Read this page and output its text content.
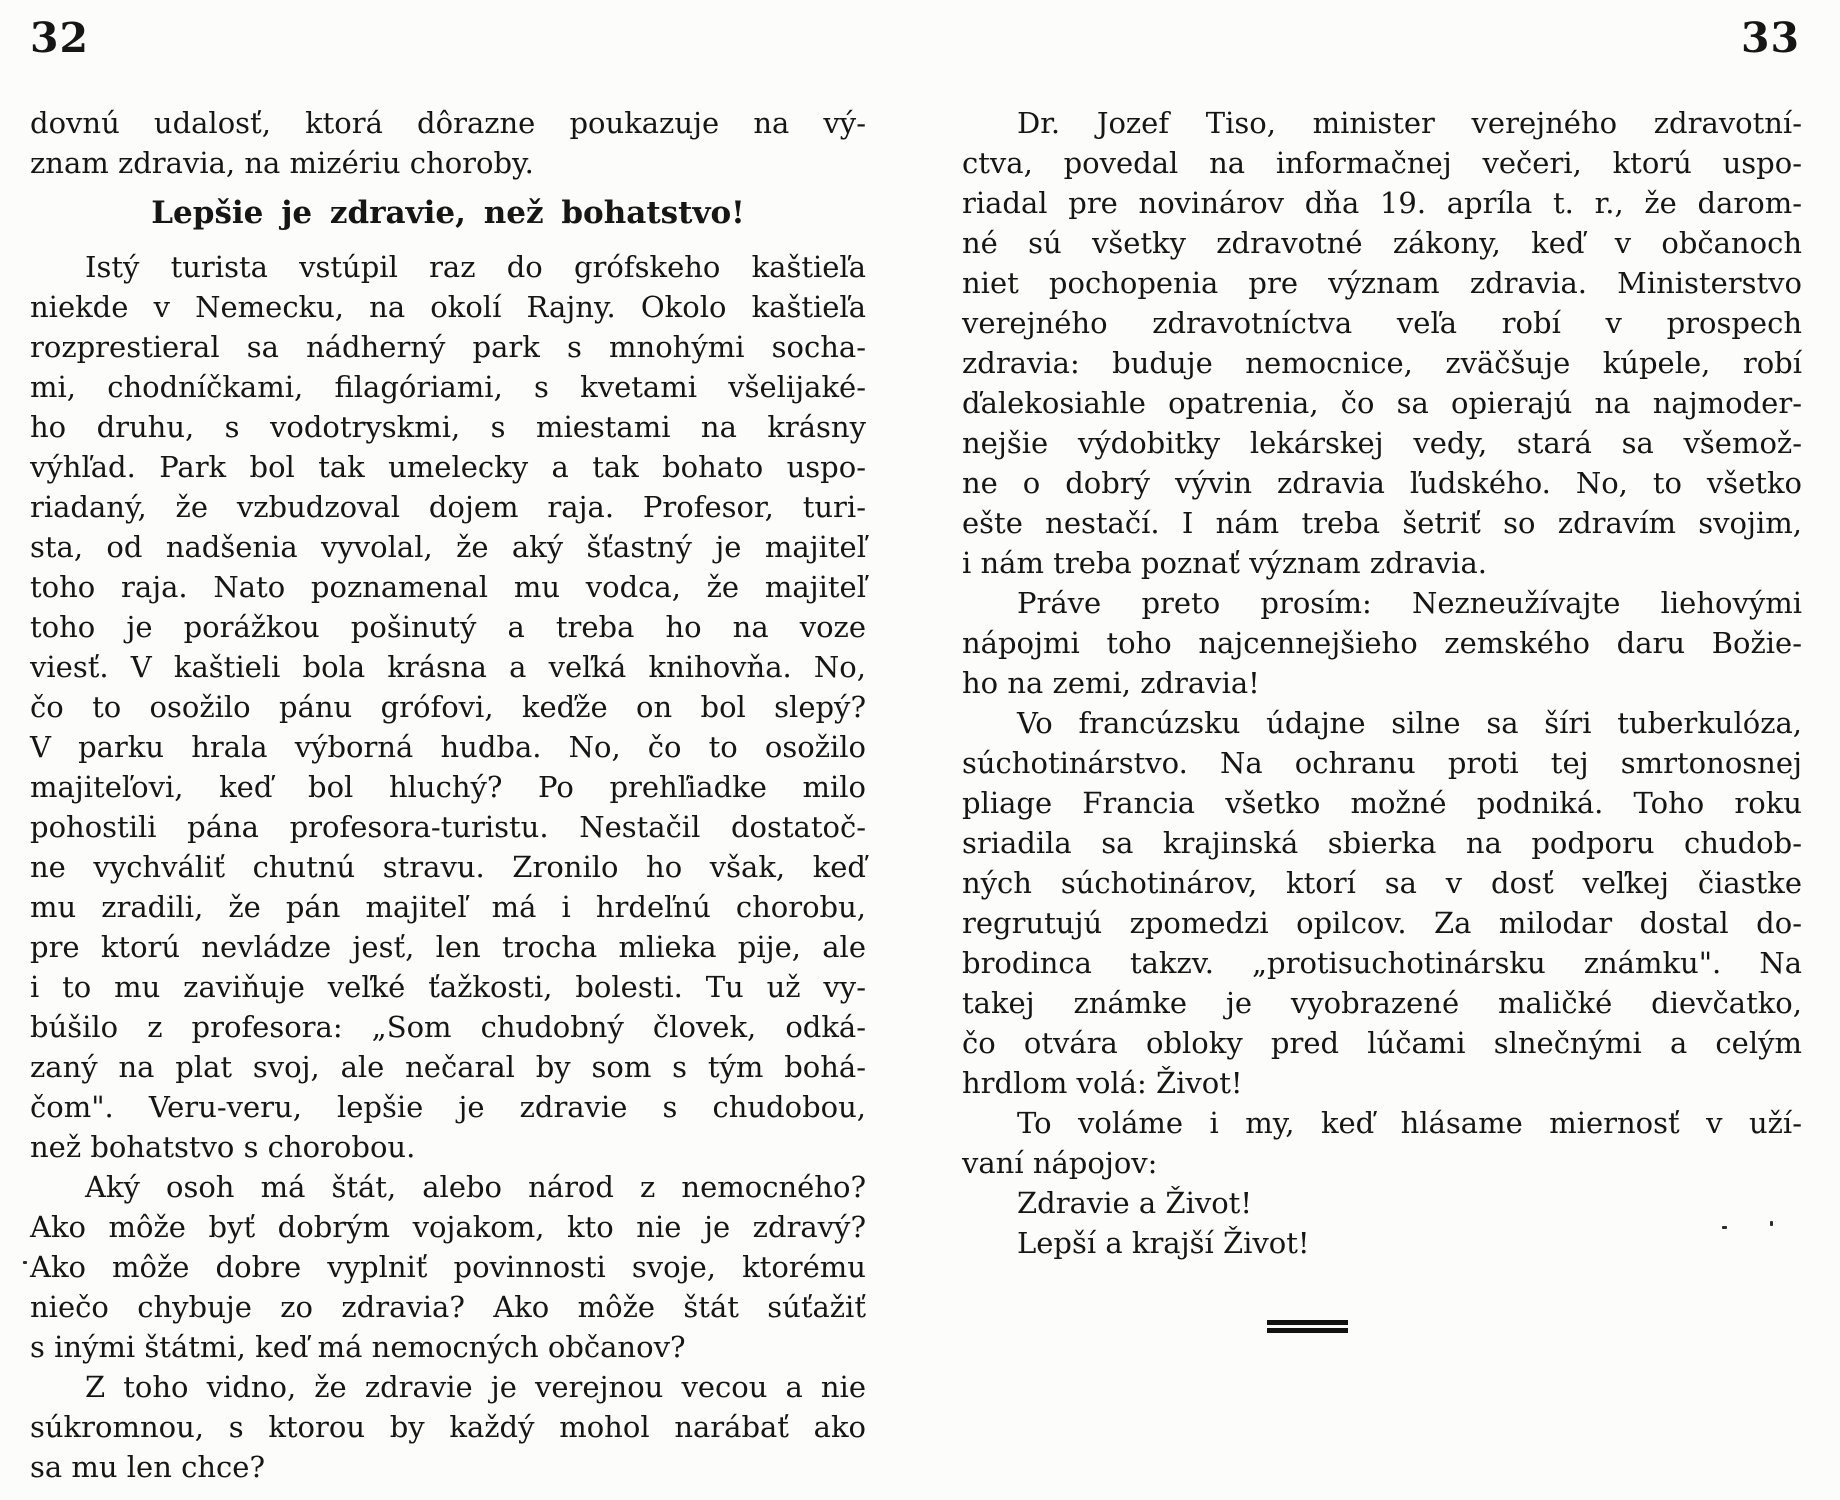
32	33
dovnú udalosť, ktorá dôrazne poukazuje na vý-
znam zdravia, na mizériu choroby.
Lepšie je zdravie, než bohatstvo!
Istý turista vstúpil raz do grófskeho kaštieľa
niekde v Nemecku, na okolí Rajny. Okolo kaštieľa
rozprestieral sa nádherný park s mnohými socha-
mi, chodníčkami, filagóriami, s kvetami všelijaké-
ho druhu, s vodotryskmi, s miestami na krásny
výhľad. Park bol tak umelecky a tak bohato uspo-
riadaný, že vzbudzoval dojem raja. Profesor, turi-
sta, od nadšenia vyvolal, že aký šťastný je majiteľ
toho raja. Nato poznamenal mu vodca, že majiteľ
toho je porážkou pošinutý a treba ho na voze
viesť. V kaštieli bola krásna a veľká knihovňa. No,
čo to osožilo pánu grófovi, keďže on bol slepý?
V parku hrala výborná hudba. No, čo to osožilo
majiteľovi, keď bol hluchý? Po prehľiadke milo
pohostili pána profesora-turistu. Nestačil dostatoč-
ne vychváliť chutnú stravu. Zronilo ho však, keď
mu zradili, že pán majiteľ má i hrdeľnú chorobu,
pre ktorú nevládze jesť, len trocha mlieka pije, ale
i to mu zaviňuje veľké ťažkosti, bolesti. Tu už vy-
búšilo z profesora: „Som chudobný človek, odká-
zaný na plat svoj, ale nečaral by som s tým bohá-
čom". Veru-veru, lepšie je zdravie s chudobou,
než bohatstvo s chorobou.
Aký osoh má štát, alebo národ z nemocného?
Ako môže byť dobrým vojakom, kto nie je zdravý?
Ako môže dobre vyplniť povinnosti svoje, ktorému
niečo chybuje zo zdravia? Ako môže štát súťažiť
s inými štátmi, keď má nemocných občanov?
Z toho vidno, že zdravie je verejnou vecou a nie
súkromnou, s ktorou by každý mohol narábať ako
sa mu len chce?
Dr. Jozef Tiso, minister verejného zdravotní-
ctva, povedal na informačnej večeri, ktorú uspo-
riadal pre novinárov dňa 19. apríla t. r., že darom-
né sú všetky zdravotné zákony, keď v občanoch
niet pochopenia pre význam zdravia. Ministerstvo
verejného zdravotníctva veľa robí v prospech
zdravia: buduje nemocnice, zväčšuje kúpele, robí
ďalekosiahle opatrenia, čo sa opierajú na najmoder-
nejšie výdobitky lekárskej vedy, stará sa všemož-
ne o dobrý vývin zdravia ľudského. No, to všetko
ešte nestačí. I nám treba šetriť so zdravím svojim,
i nám treba poznať význam zdravia.
Práve preto prosím: Nezneužívajte liehovými
nápojmi toho najcennejšieho zemského daru Božie-
ho na zemi, zdravia!
Vo francúzsku údajne silne sa šíri tuberkulóza,
súchotinárstvo. Na ochranu proti tej smrtonosnej
pliage Francia všetko možné podniká. Toho roku
sriadila sa krajinská sbierka na podporu chudob-
ných súchotinárov, ktorí sa v dosť veľkej čiastke
regrutujú zpomedzi opilcov. Za milodar dostal do-
brodinca takzv. „protisuchotinársku známku". Na
takej známke je vyobrazené maličké dievčatko,
čo otvára obloky pred lúčami slnečnými a celým
hrdlom volá: Život!
To voláme i my, keď hlásame miernosť v uží-
vaní nápojov:
Zdravie a Život!
Lepší a krajší Život!
